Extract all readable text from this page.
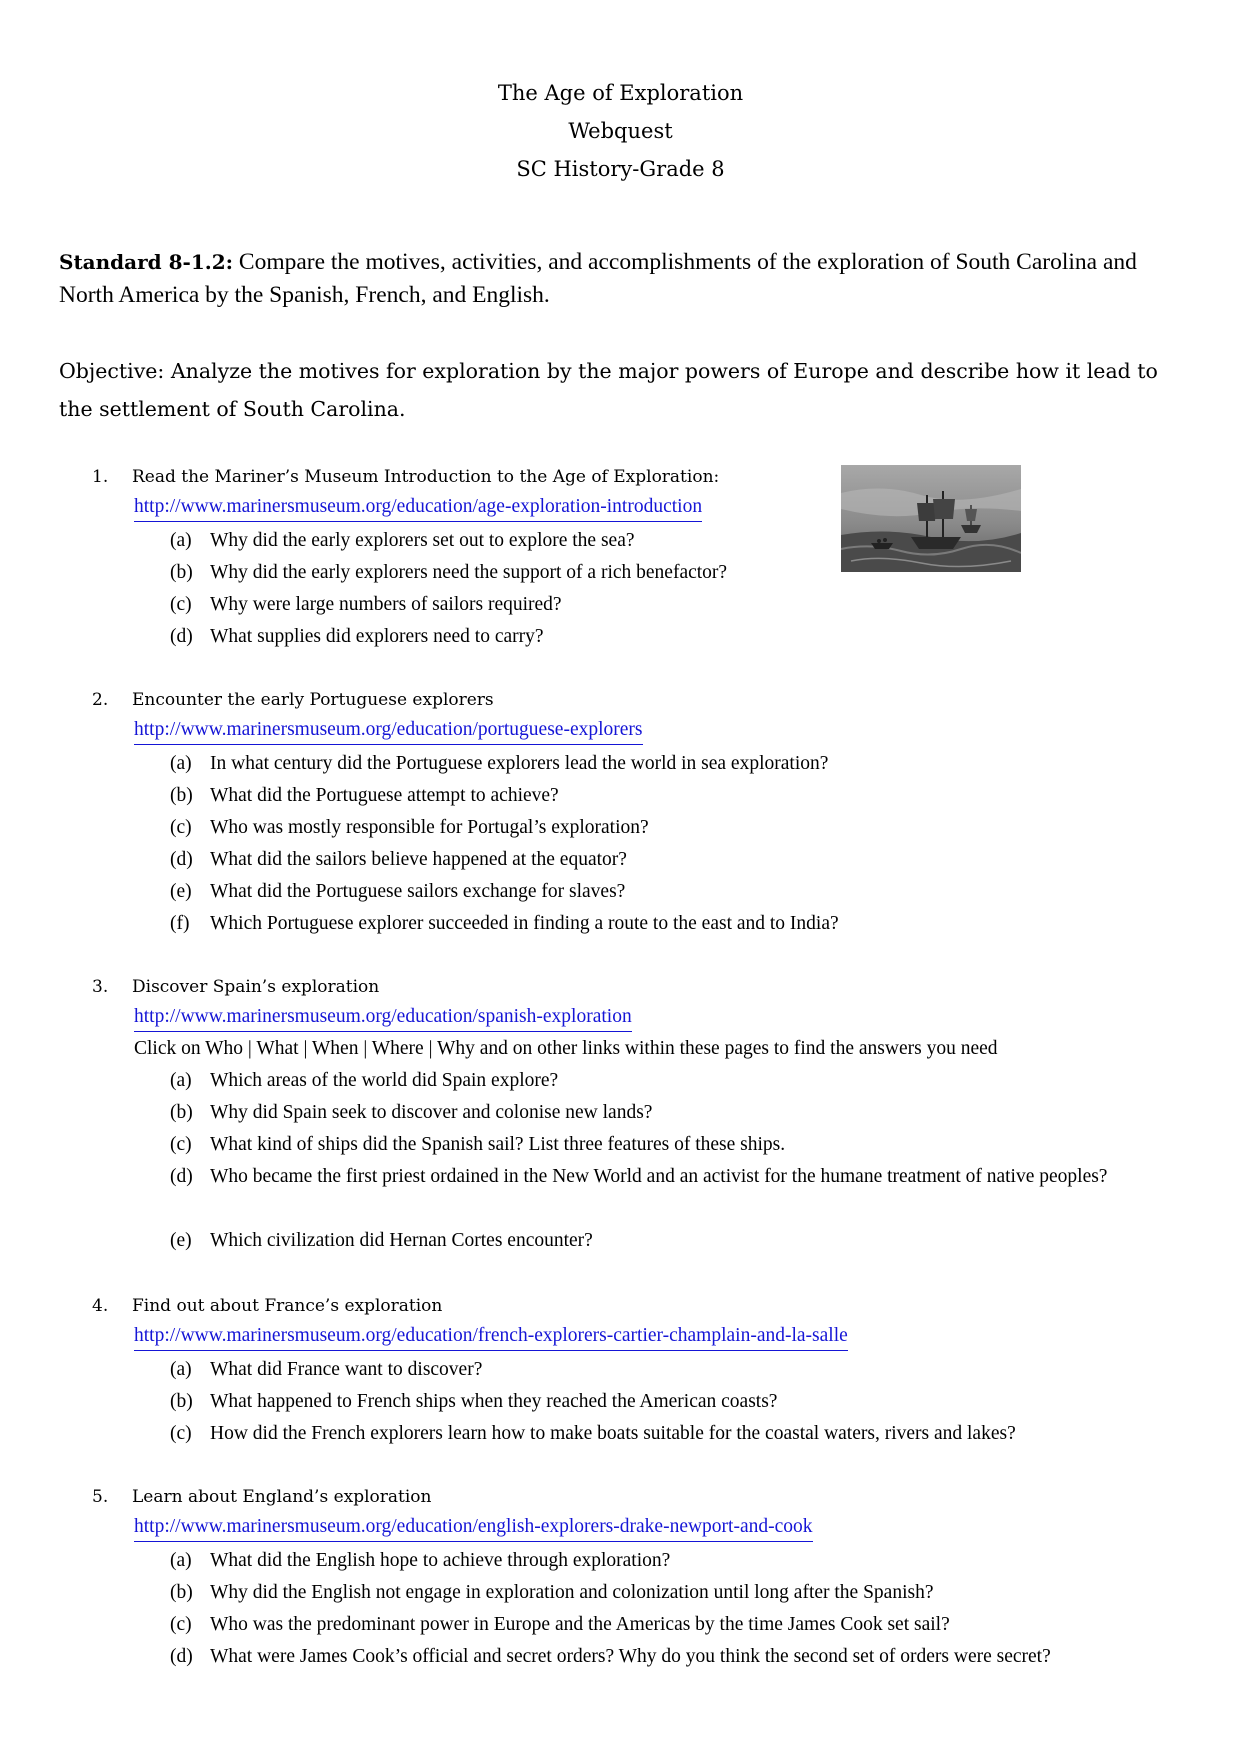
The Age of Exploration
Webquest
SC History-Grade 8
Standard 8-1.2: Compare the motives, activities, and accomplishments of the exploration of South Carolina and North America by the Spanish, French, and English.
Objective: Analyze the motives for exploration by the major powers of Europe and describe how it lead to the settlement of South Carolina.
1. Read the Mariner’s Museum Introduction to the Age of Exploration:
http://www.marinersmuseum.org/education/age-exploration-introduction
(a) Why did the early explorers set out to explore the sea?
(b) Why did the early explorers need the support of a rich benefactor?
(c) Why were large numbers of sailors required?
(d) What supplies did explorers need to carry?
2. Encounter the early Portuguese explorers
http://www.marinersmuseum.org/education/portuguese-explorers
(a) In what century did the Portuguese explorers lead the world in sea exploration?
(b) What did the Portuguese attempt to achieve?
(c) Who was mostly responsible for Portugal’s exploration?
(d) What did the sailors believe happened at the equator?
(e) What did the Portuguese sailors exchange for slaves?
(f)	Which Portuguese explorer succeeded in finding a route to the east and to India?
3. Discover Spain’s exploration
http://www.marinersmuseum.org/education/spanish-exploration
Click on Who | What | When | Where | Why and on other links within these pages to find the answers you need
(a) Which areas of the world did Spain explore?
(b) Why did Spain seek to discover and colonise new lands?
(c) What kind of ships did the Spanish sail? List three features of these ships.
(d) Who became the first priest ordained in the New World and an activist for the humane treatment of native peoples?
(e) Which civilization did Hernan Cortes encounter?
4. Find out about France’s exploration
http://www.marinersmuseum.org/education/french-explorers-cartier-champlain-and-la-salle
(a) What did France want to discover?
(b) What happened to French ships when they reached the American coasts?
(c) How did the French explorers learn how to make boats suitable for the coastal waters, rivers and lakes?
5. Learn about England’s exploration
http://www.marinersmuseum.org/education/english-explorers-drake-newport-and-cook
(a) What did the English hope to achieve through exploration?
(b) Why did the English not engage in exploration and colonization until long after the Spanish?
(c) Who was the predominant power in Europe and the Americas by the time James Cook set sail?
(d) What were James Cook’s official and secret orders? Why do you think the second set of orders were secret?
